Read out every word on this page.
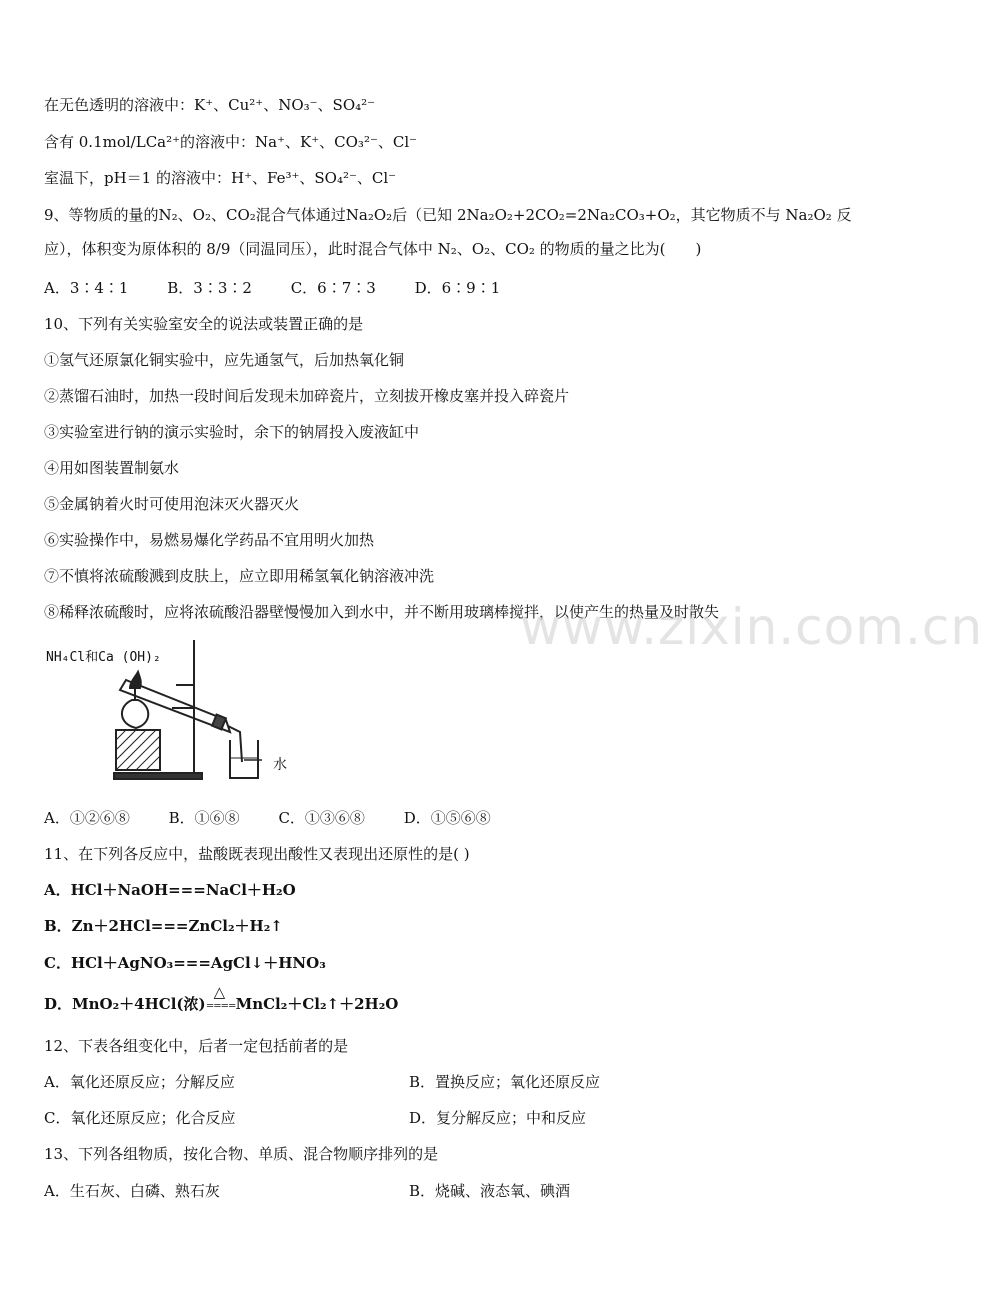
在无色透明的溶液中：K⁺、Cu²⁺、NO₃⁻、SO₄²⁻
含有 0.1mol/LCa²⁺的溶液中：Na⁺、K⁺、CO₃²⁻、Cl⁻
室温下，pH＝1 的溶液中：H⁺、Fe³⁺、SO₄²⁻、Cl⁻
9、等物质的量的N₂、O₂、CO₂混合气体通过Na₂O₂后（已知 2Na₂O₂+2CO₂=2Na₂CO₃+O₂，其它物质不与 Na₂O₂ 反应），体积变为原体积的 8/9（同温同压），此时混合气体中 N₂、O₂、CO₂ 的物质的量之比为(　　)
A．3∶4∶1	B．3∶3∶2	C．6∶7∶3	D．6∶9∶1
10、下列有关实验室安全的说法或装置正确的是
①氢气还原氯化铜实验中，应先通氢气，后加热氧化铜
②蒸馏石油时，加热一段时间后发现未加碎瓷片，立刻拔开橡皮塞并投入碎瓷片
③实验室进行钠的演示实验时，余下的钠屑投入废液缸中
④用如图装置制氨水
⑤金属钠着火时可使用泡沫灭火器灭火
⑥实验操作中，易燃易爆化学药品不宜用明火加热
⑦不慎将浓硫酸溅到皮肤上，应立即用稀氢氧化钠溶液冲洗
⑧稀释浓硫酸时，应将浓硫酸沿器壁慢慢加入到水中，并不断用玻璃棒搅拌，以使产生的热量及时散失
www.zixin.com.cn
NH₄Cl和Ca (OH)₂
水
A．①②⑥⑧	B．①⑥⑧	C．①③⑥⑧	D．①⑤⑥⑧
11、在下列各反应中，盐酸既表现出酸性又表现出还原性的是( )
A．HCl＋NaOH===NaCl＋H₂O
B．Zn＋2HCl===ZnCl₂＋H₂↑
C．HCl＋AgNO₃===AgCl↓＋HNO₃
D．MnO₂＋4HCl(浓)
△
====MnCl₂＋Cl₂↑＋2H₂O
12、下表各组变化中，后者一定包括前者的是
A．氧化还原反应；分解反应	B．置换反应；氧化还原反应
C．氧化还原反应；化合反应	D．复分解反应；中和反应
13、下列各组物质，按化合物、单质、混合物顺序排列的是
A．生石灰、白磷、熟石灰	B．烧碱、液态氧、碘酒
